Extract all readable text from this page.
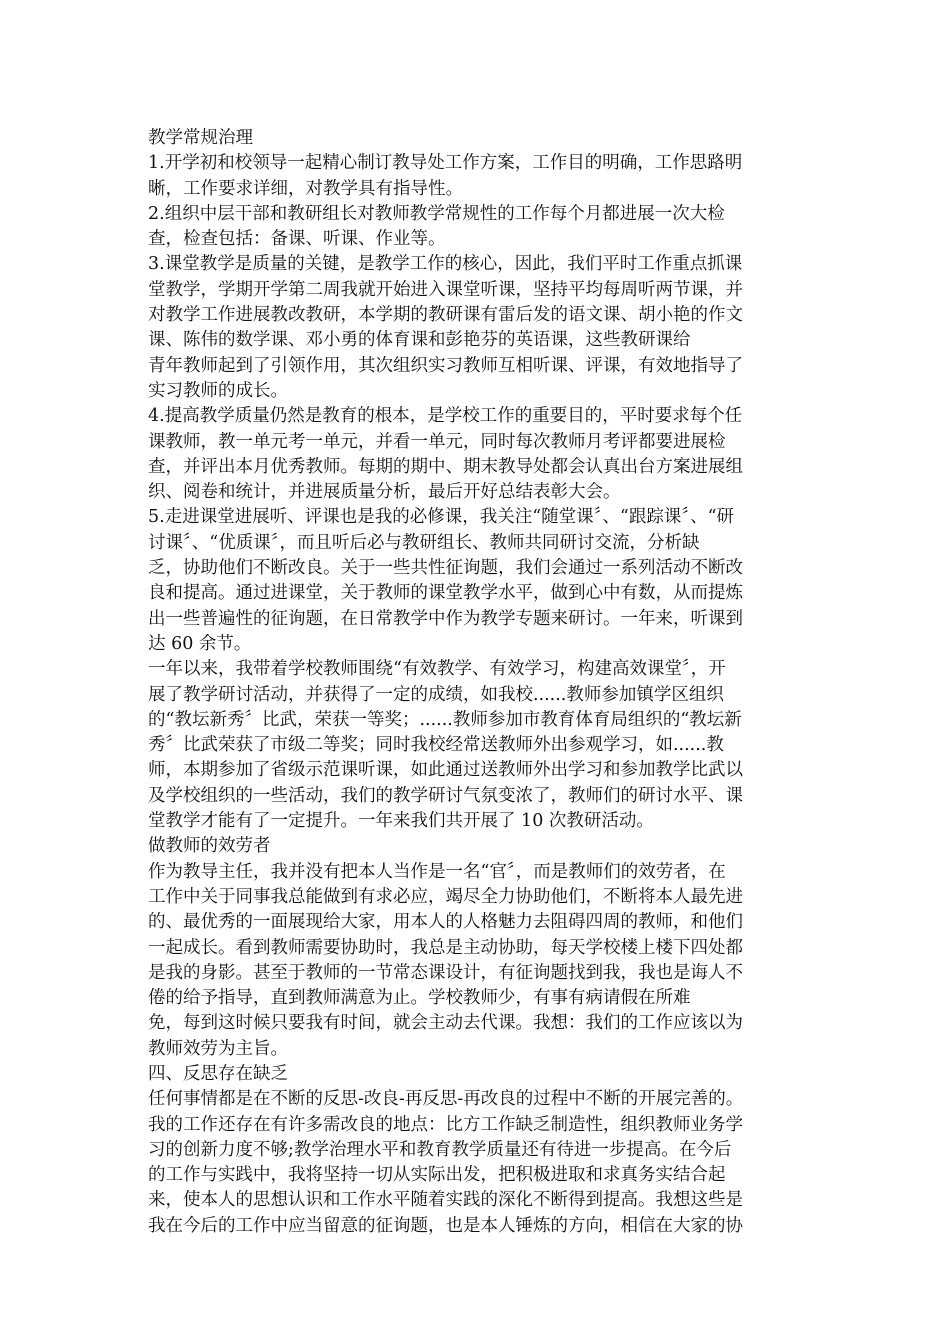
教学常规治理
1.开学初和校领导一起精心制订教导处工作方案，工作目的明确，工作思路明
晰，工作要求详细，对教学具有指导性。
2.组织中层干部和教研组长对教师教学常规性的工作每个月都进展一次大检
查，检查包括：备课、听课、作业等。
3.课堂教学是质量的关键，是教学工作的核心，因此，我们平时工作重点抓课
堂教学，学期开学第二周我就开始进入课堂听课，坚持平均每周听两节课，并
对教学工作进展教改教研，本学期的教研课有雷后发的语文课、胡小艳的作文
课、陈伟的数学课、邓小勇的体育课和彭艳芬的英语课，这些教研课给
青年教师起到了引领作用，其次组织实习教师互相听课、评课，有效地指导了
实习教师的成长。
4.提高教学质量仍然是教育的根本，是学校工作的重要目的，平时要求每个任
课教师，教一单元考一单元，并看一单元，同时每次教师月考评都要进展检
查，并评出本月优秀教师。每期的期中、期末教导处都会认真出台方案进展组
织、阅卷和统计，并进展质量分析，最后开好总结表彰大会。
5.走进课堂进展听、评课也是我的必修课，我关注“随堂课〞、“跟踪课〞、“研
讨课〞、“优质课〞，而且听后必与教研组长、教师共同研讨交流，分析缺
乏，协助他们不断改良。关于一些共性征询题，我们会通过一系列活动不断改
良和提高。通过进课堂，关于教师的课堂教学水平，做到心中有数，从而提炼
出一些普遍性的征询题，在日常教学中作为教学专题来研讨。一年来，听课到
达 60 余节。
一年以来，我带着学校教师围绕“有效教学、有效学习，构建高效课堂〞，开
展了教学研讨活动，并获得了一定的成绩，如我校......教师参加镇学区组织
的“教坛新秀〞比武，荣获一等奖；......教师参加市教育体育局组织的“教坛新
秀〞比武荣获了市级二等奖；同时我校经常送教师外出参观学习，如......教
师，本期参加了省级示范课听课，如此通过送教师外出学习和参加教学比武以
及学校组织的一些活动，我们的教学研讨气氛变浓了，教师们的研讨水平、课
堂教学才能有了一定提升。一年来我们共开展了 10 次教研活动。
做教师的效劳者
作为教导主任，我并没有把本人当作是一名“官〞，而是教师们的效劳者，在
工作中关于同事我总能做到有求必应，竭尽全力协助他们，不断将本人最先进
的、最优秀的一面展现给大家，用本人的人格魅力去阻碍四周的教师，和他们
一起成长。看到教师需要协助时，我总是主动协助，每天学校楼上楼下四处都
是我的身影。甚至于教师的一节常态课设计，有征询题找到我，我也是诲人不
倦的给予指导，直到教师满意为止。学校教师少，有事有病请假在所难
免，每到这时候只要我有时间，就会主动去代课。我想：我们的工作应该以为
教师效劳为主旨。
四、反思存在缺乏
任何事情都是在不断的反思-改良-再反思-再改良的过程中不断的开展完善的。
我的工作还存在有许多需改良的地点：比方工作缺乏制造性，组织教师业务学
习的创新力度不够;教学治理水平和教育教学质量还有待进一步提高。在今后
的工作与实践中，我将坚持一切从实际出发，把积极进取和求真务实结合起
来，使本人的思想认识和工作水平随着实践的深化不断得到提高。我想这些是
我在今后的工作中应当留意的征询题，也是本人锤炼的方向，相信在大家的协
